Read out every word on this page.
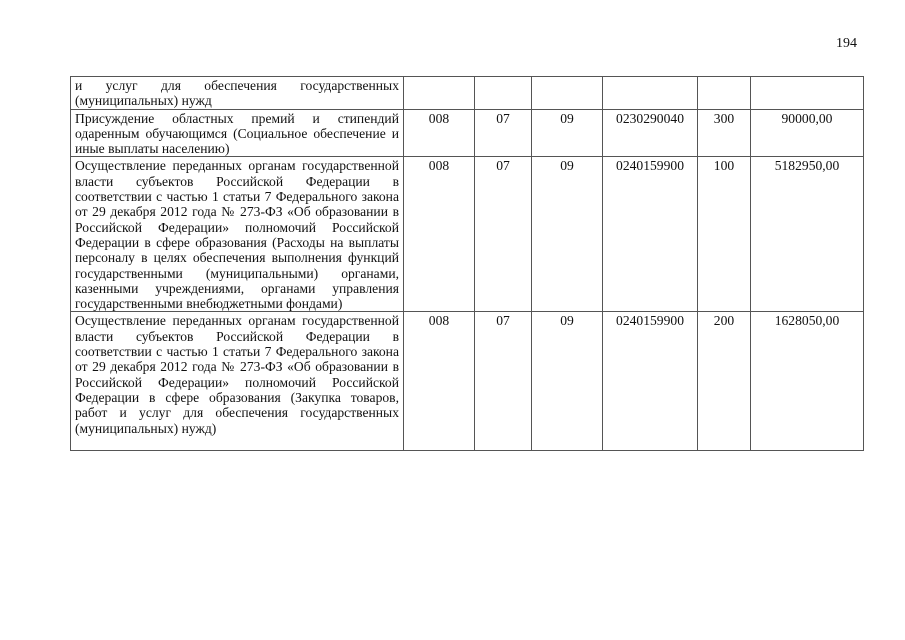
194
и услуг для обеспечения государственных (муниципальных) нужд						
Присуждение областных премий и стипендий одаренным обучающимся (Социальное обеспечение и иные выплаты населению)	008	07	09	0230290040	300	90000,00
Осуществление переданных органам государственной власти субъектов Российской Федерации в соответствии с частью 1 статьи 7 Федерального закона от 29 декабря 2012 года № 273-ФЗ «Об образовании в Российской Федерации» полномочий Российской Федерации в сфере образования (Расходы на выплаты персоналу в целях обеспечения выполнения функций государственными (муниципальными) органами, казенными учреждениями, органами управления государственными внебюджетными фондами)	008	07	09	0240159900	100	5182950,00
Осуществление переданных органам государственной власти субъектов Российской Федерации в соответствии с частью 1 статьи 7 Федерального закона от 29 декабря 2012 года № 273-ФЗ «Об образовании в Российской Федерации» полномочий Российской Федерации в сфере образования (Закупка товаров, работ и услуг для обеспечения государственных (муниципальных) нужд)	008	07	09	0240159900	200	1628050,00
